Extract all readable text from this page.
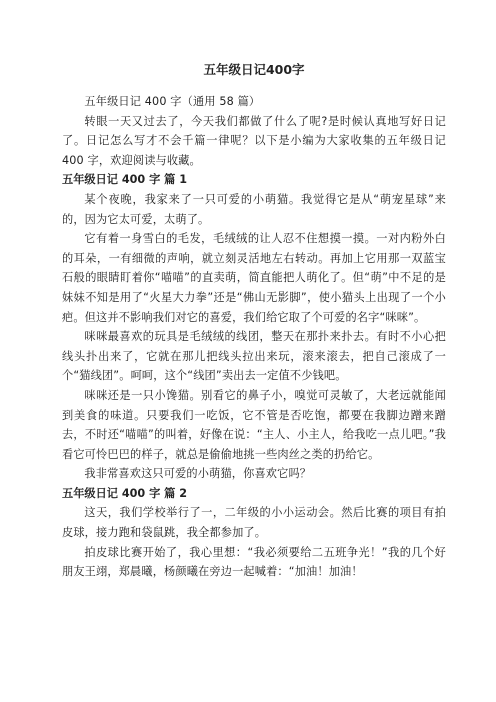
五年级日记400字

五年级日记 400 字（通用 58 篇）

转眼一天又过去了，今天我们都做了什么了呢?是时候认真地写好日记了。日记怎么写才不会千篇一律呢？以下是小编为大家收集的五年级日记 400 字，欢迎阅读与收藏。

五年级日记 400 字 篇 1

某个夜晚，我家来了一只可爱的小萌猫。我觉得它是从“萌宠星球”来的，因为它太可爱，太萌了。

它有着一身雪白的毛发，毛绒绒的让人忍不住想摸一摸。一对内粉外白的耳朵，一有细微的声响，就立刻灵活地左右转动。再加上它用那一双蓝宝石般的眼睛盯着你“喵喵”的直卖萌，简直能把人萌化了。但“萌”中不足的是妹妹不知是用了“火星大力拳”还是“佛山无影脚”，使小猫头上出现了一个小疤。但这并不影响我们对它的喜爱，我们给它取了个可爱的名字“咪咪”。

咪咪最喜欢的玩具是毛绒绒的线团，整天在那扑来扑去。有时不小心把线头扑出来了，它就在那儿把线头拉出来玩，滚来滚去，把自己滚成了一个“猫线团”。呵呵，这个“线团”卖出去一定值不少钱吧。

咪咪还是一只小馋猫。别看它的鼻子小，嗅觉可灵敏了，大老远就能闻到美食的味道。只要我们一吃饭，它不管是否吃饱，都要在我脚边蹭来蹭去，不时还“喵喵”的叫着，好像在说：“主人、小主人，给我吃一点儿吧。”我看它可怜巴巴的样子，就总是偷偷地挑一些肉丝之类的扔给它。

我非常喜欢这只可爱的小萌猫，你喜欢它吗？

五年级日记 400 字 篇 2

这天，我们学校举行了一，二年级的小小运动会。然后比赛的项目有拍皮球，接力跑和袋鼠跳，我全都参加了。

拍皮球比赛开始了，我心里想：“我必须要给二五班争光！”我的几个好朋友王翊，郑晨曦，杨颜曦在旁边一起喊着：“加油！加油！
